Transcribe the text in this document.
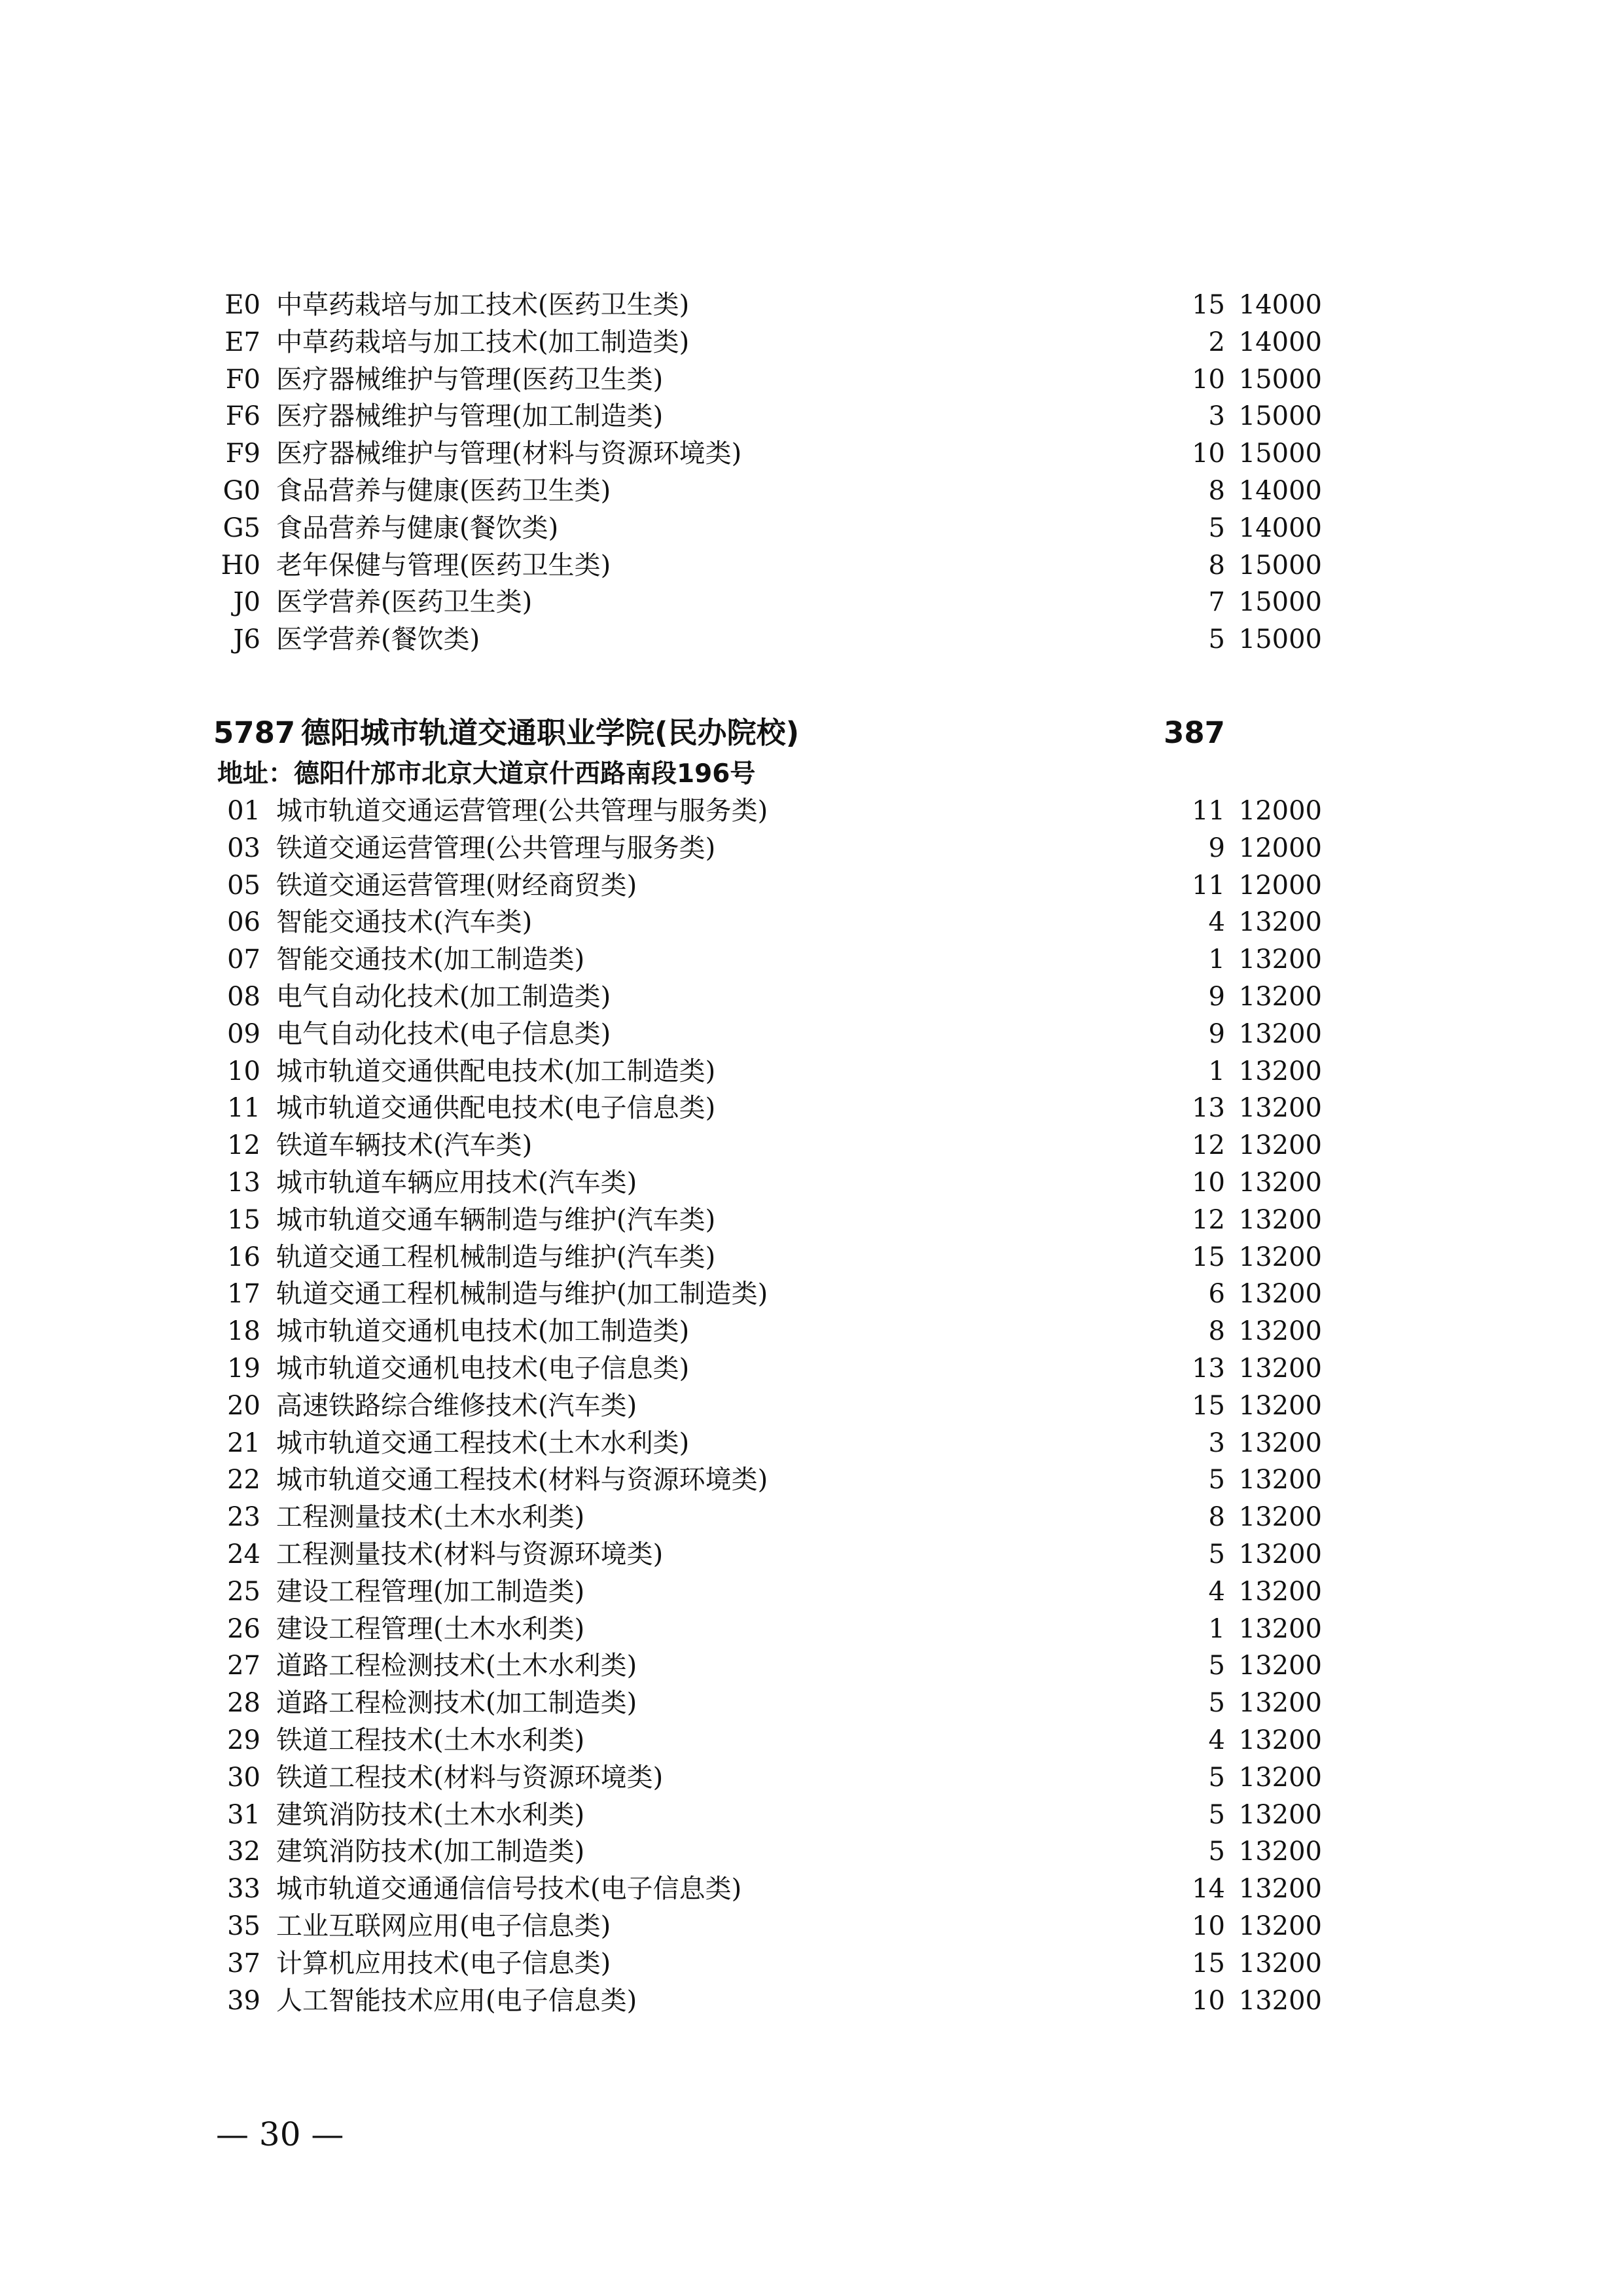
E0 中草药栽培与加工技术(医药卫生类)	15 14000
E7 中草药栽培与加工技术(加工制造类)	2 14000
F0 医疗器械维护与管理(医药卫生类)	10 15000
F6 医疗器械维护与管理(加工制造类)	3 15000
F9 医疗器械维护与管理(材料与资源环境类)	10 15000
G0 食品营养与健康(医药卫生类)	8 14000
G5 食品营养与健康(餐饮类)	5 14000
H0 老年保健与管理(医药卫生类)	8 15000
J0 医学营养(医药卫生类)	7 15000
J6 医学营养(餐饮类)	5 15000
5787 德阳城市轨道交通职业学院(民办院校)	387
地址：德阳什邡市北京大道京什西路南段196号
01 城市轨道交通运营管理(公共管理与服务类)	11 12000
03 铁道交通运营管理(公共管理与服务类)	9 12000
05 铁道交通运营管理(财经商贸类)	11 12000
06 智能交通技术(汽车类)	4 13200
07 智能交通技术(加工制造类)	1 13200
08 电气自动化技术(加工制造类)	9 13200
09 电气自动化技术(电子信息类)	9 13200
10 城市轨道交通供配电技术(加工制造类)	1 13200
11 城市轨道交通供配电技术(电子信息类)	13 13200
12 铁道车辆技术(汽车类)	12 13200
13 城市轨道车辆应用技术(汽车类)	10 13200
15 城市轨道交通车辆制造与维护(汽车类)	12 13200
16 轨道交通工程机械制造与维护(汽车类)	15 13200
17 轨道交通工程机械制造与维护(加工制造类)	6 13200
18 城市轨道交通机电技术(加工制造类)	8 13200
19 城市轨道交通机电技术(电子信息类)	13 13200
20 高速铁路综合维修技术(汽车类)	15 13200
21 城市轨道交通工程技术(土木水利类)	3 13200
22 城市轨道交通工程技术(材料与资源环境类)	5 13200
23 工程测量技术(土木水利类)	8 13200
24 工程测量技术(材料与资源环境类)	5 13200
25 建设工程管理(加工制造类)	4 13200
26 建设工程管理(土木水利类)	1 13200
27 道路工程检测技术(土木水利类)	5 13200
28 道路工程检测技术(加工制造类)	5 13200
29 铁道工程技术(土木水利类)	4 13200
30 铁道工程技术(材料与资源环境类)	5 13200
31 建筑消防技术(土木水利类)	5 13200
32 建筑消防技术(加工制造类)	5 13200
33 城市轨道交通通信信号技术(电子信息类)	14 13200
35 工业互联网应用(电子信息类)	10 13200
37 计算机应用技术(电子信息类)	15 13200
39 人工智能技术应用(电子信息类)	10 13200
— 30 —
